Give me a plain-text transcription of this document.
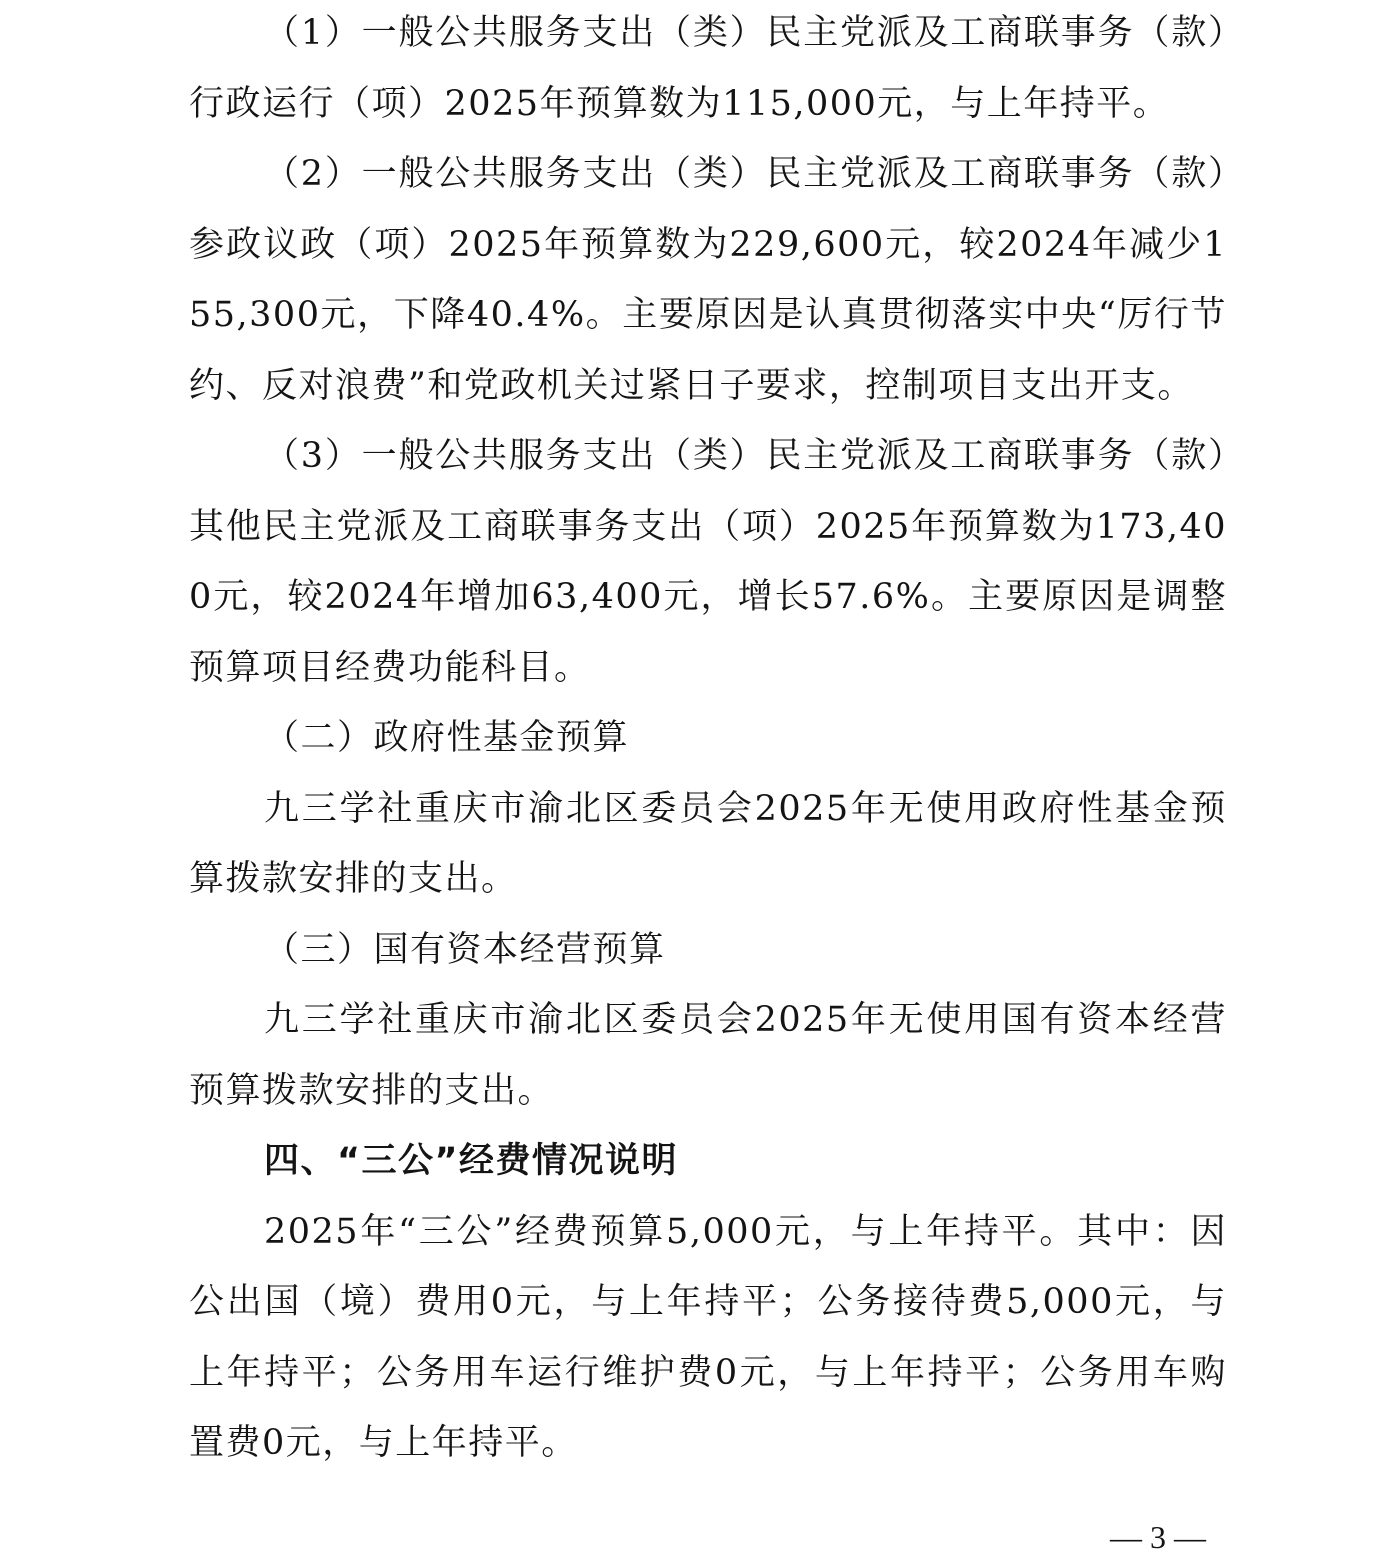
（1）一般公共服务支出（类）民主党派及工商联事务（款）行政运行（项）2025年预算数为115,000元，与上年持平。

（2）一般公共服务支出（类）民主党派及工商联事务（款）参政议政（项）2025年预算数为229,600元，较2024年减少155,300元，下降40.4%。主要原因是认真贯彻落实中央“厉行节约、反对浪费”和党政机关过紧日子要求，控制项目支出开支。

（3）一般公共服务支出（类）民主党派及工商联事务（款）其他民主党派及工商联事务支出（项）2025年预算数为173,400元，较2024年增加63,400元，增长57.6%。主要原因是调整预算项目经费功能科目。

（二）政府性基金预算

九三学社重庆市渝北区委员会2025年无使用政府性基金预算拨款安排的支出。

（三）国有资本经营预算

九三学社重庆市渝北区委员会2025年无使用国有资本经营预算拨款安排的支出。

四、“三公”经费情况说明

2025年“三公”经费预算5,000元，与上年持平。其中：因公出国（境）费用0元，与上年持平；公务接待费5,000元，与上年持平；公务用车运行维护费0元，与上年持平；公务用车购置费0元，与上年持平。

— 3 —
